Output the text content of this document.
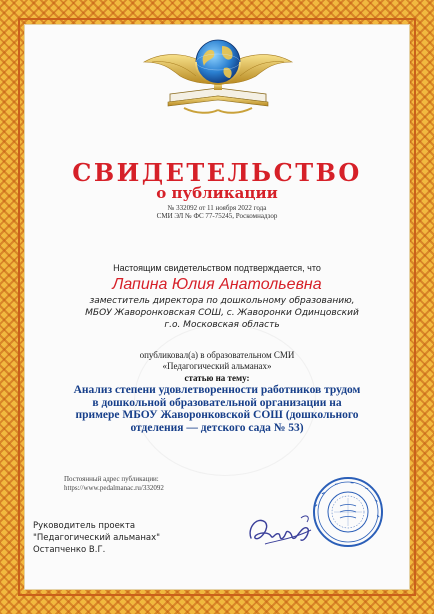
СВИДЕТЕЛЬСТВО
о публикации
№ 332092 от 11 ноября 2022 года
СМИ ЭЛ № ФС 77-75245, Роскомнадзор
Настоящим свидетельством подтверждается, что
Лапина Юлия Анатольевна
заместитель директора по дошкольному образованию, МБОУ Жаворонковская СОШ, с. Жаворонки Одинцовский г.о. Московская область
опубликовал(а) в образовательном СМИ
«Педагогический альманах»
статью на тему:
Анализ степени удовлетворенности работников трудом в дошкольной образовательной организации на примере МБОУ Жаворонковской СОШ (дошкольного отделения — детского сада № 53)
Постоянный адрес публикации:
https://www.pedalmanac.ru/332092
Руководитель проекта
"Педагогический альманах"
Остапченко В.Г.
